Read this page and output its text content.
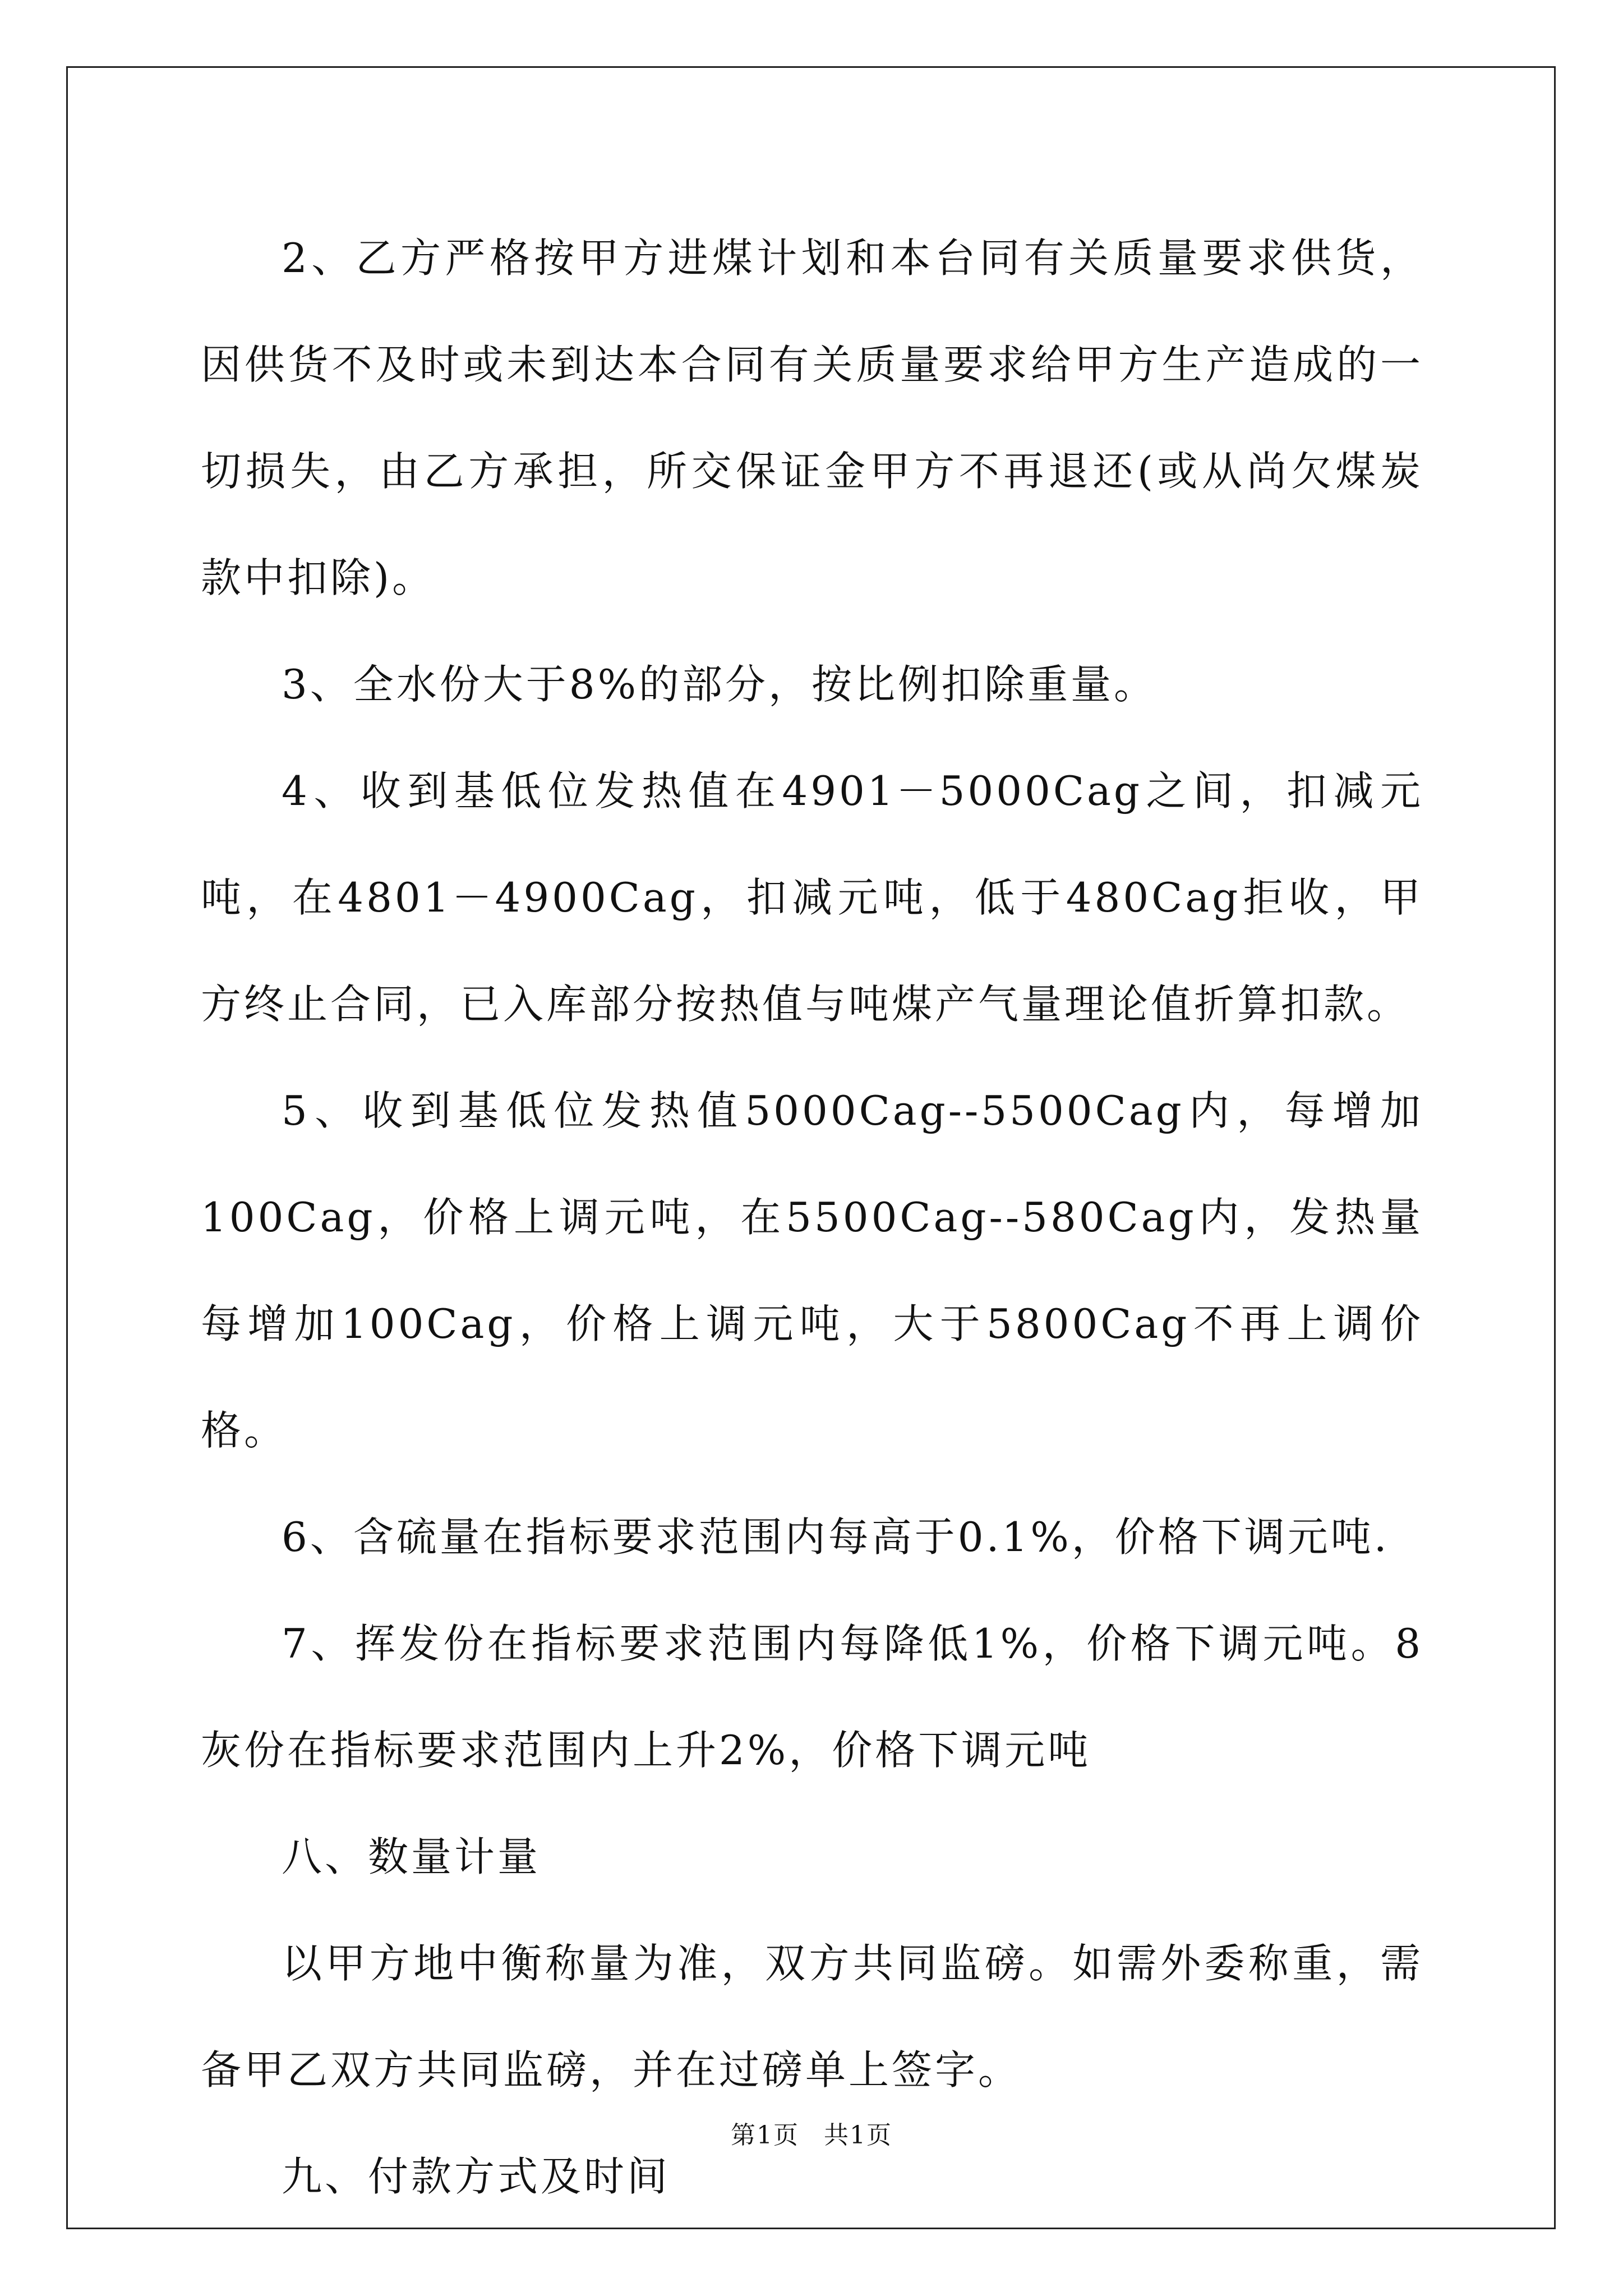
2、乙方严格按甲方进煤计划和本台同有关质量要求供货，因供货不及时或未到达本合同有关质量要求给甲方生产造成的一切损失，由乙方承担，所交保证金甲方不再退还(或从尚欠煤炭款中扣除)。

3、全水份大于8%的部分，按比例扣除重量。

4、收到基低位发热值在4901－5000Cag之间，扣减元吨，在4801－4900Cag，扣减元吨，低于480Cag拒收，甲方终止合同，已入库部分按热值与吨煤产气量理论值折算扣款。

5、收到基低位发热值5000Cag--5500Cag内，每增加100Cag，价格上调元吨，在5500Cag--580Cag内，发热量每增加100Cag，价格上调元吨，大于5800Cag不再上调价格。

6、含硫量在指标要求范围内每高于0.1%，价格下调元吨.

7、挥发份在指标要求范围内每降低1%，价格下调元吨。8灰份在指标要求范围内上升2%，价格下调元吨

八、数量计量

以甲方地中衡称量为准，双方共同监磅。如需外委称重，需备甲乙双方共同监磅，并在过磅单上签字。

九、付款方式及时间

第1页 共1页
